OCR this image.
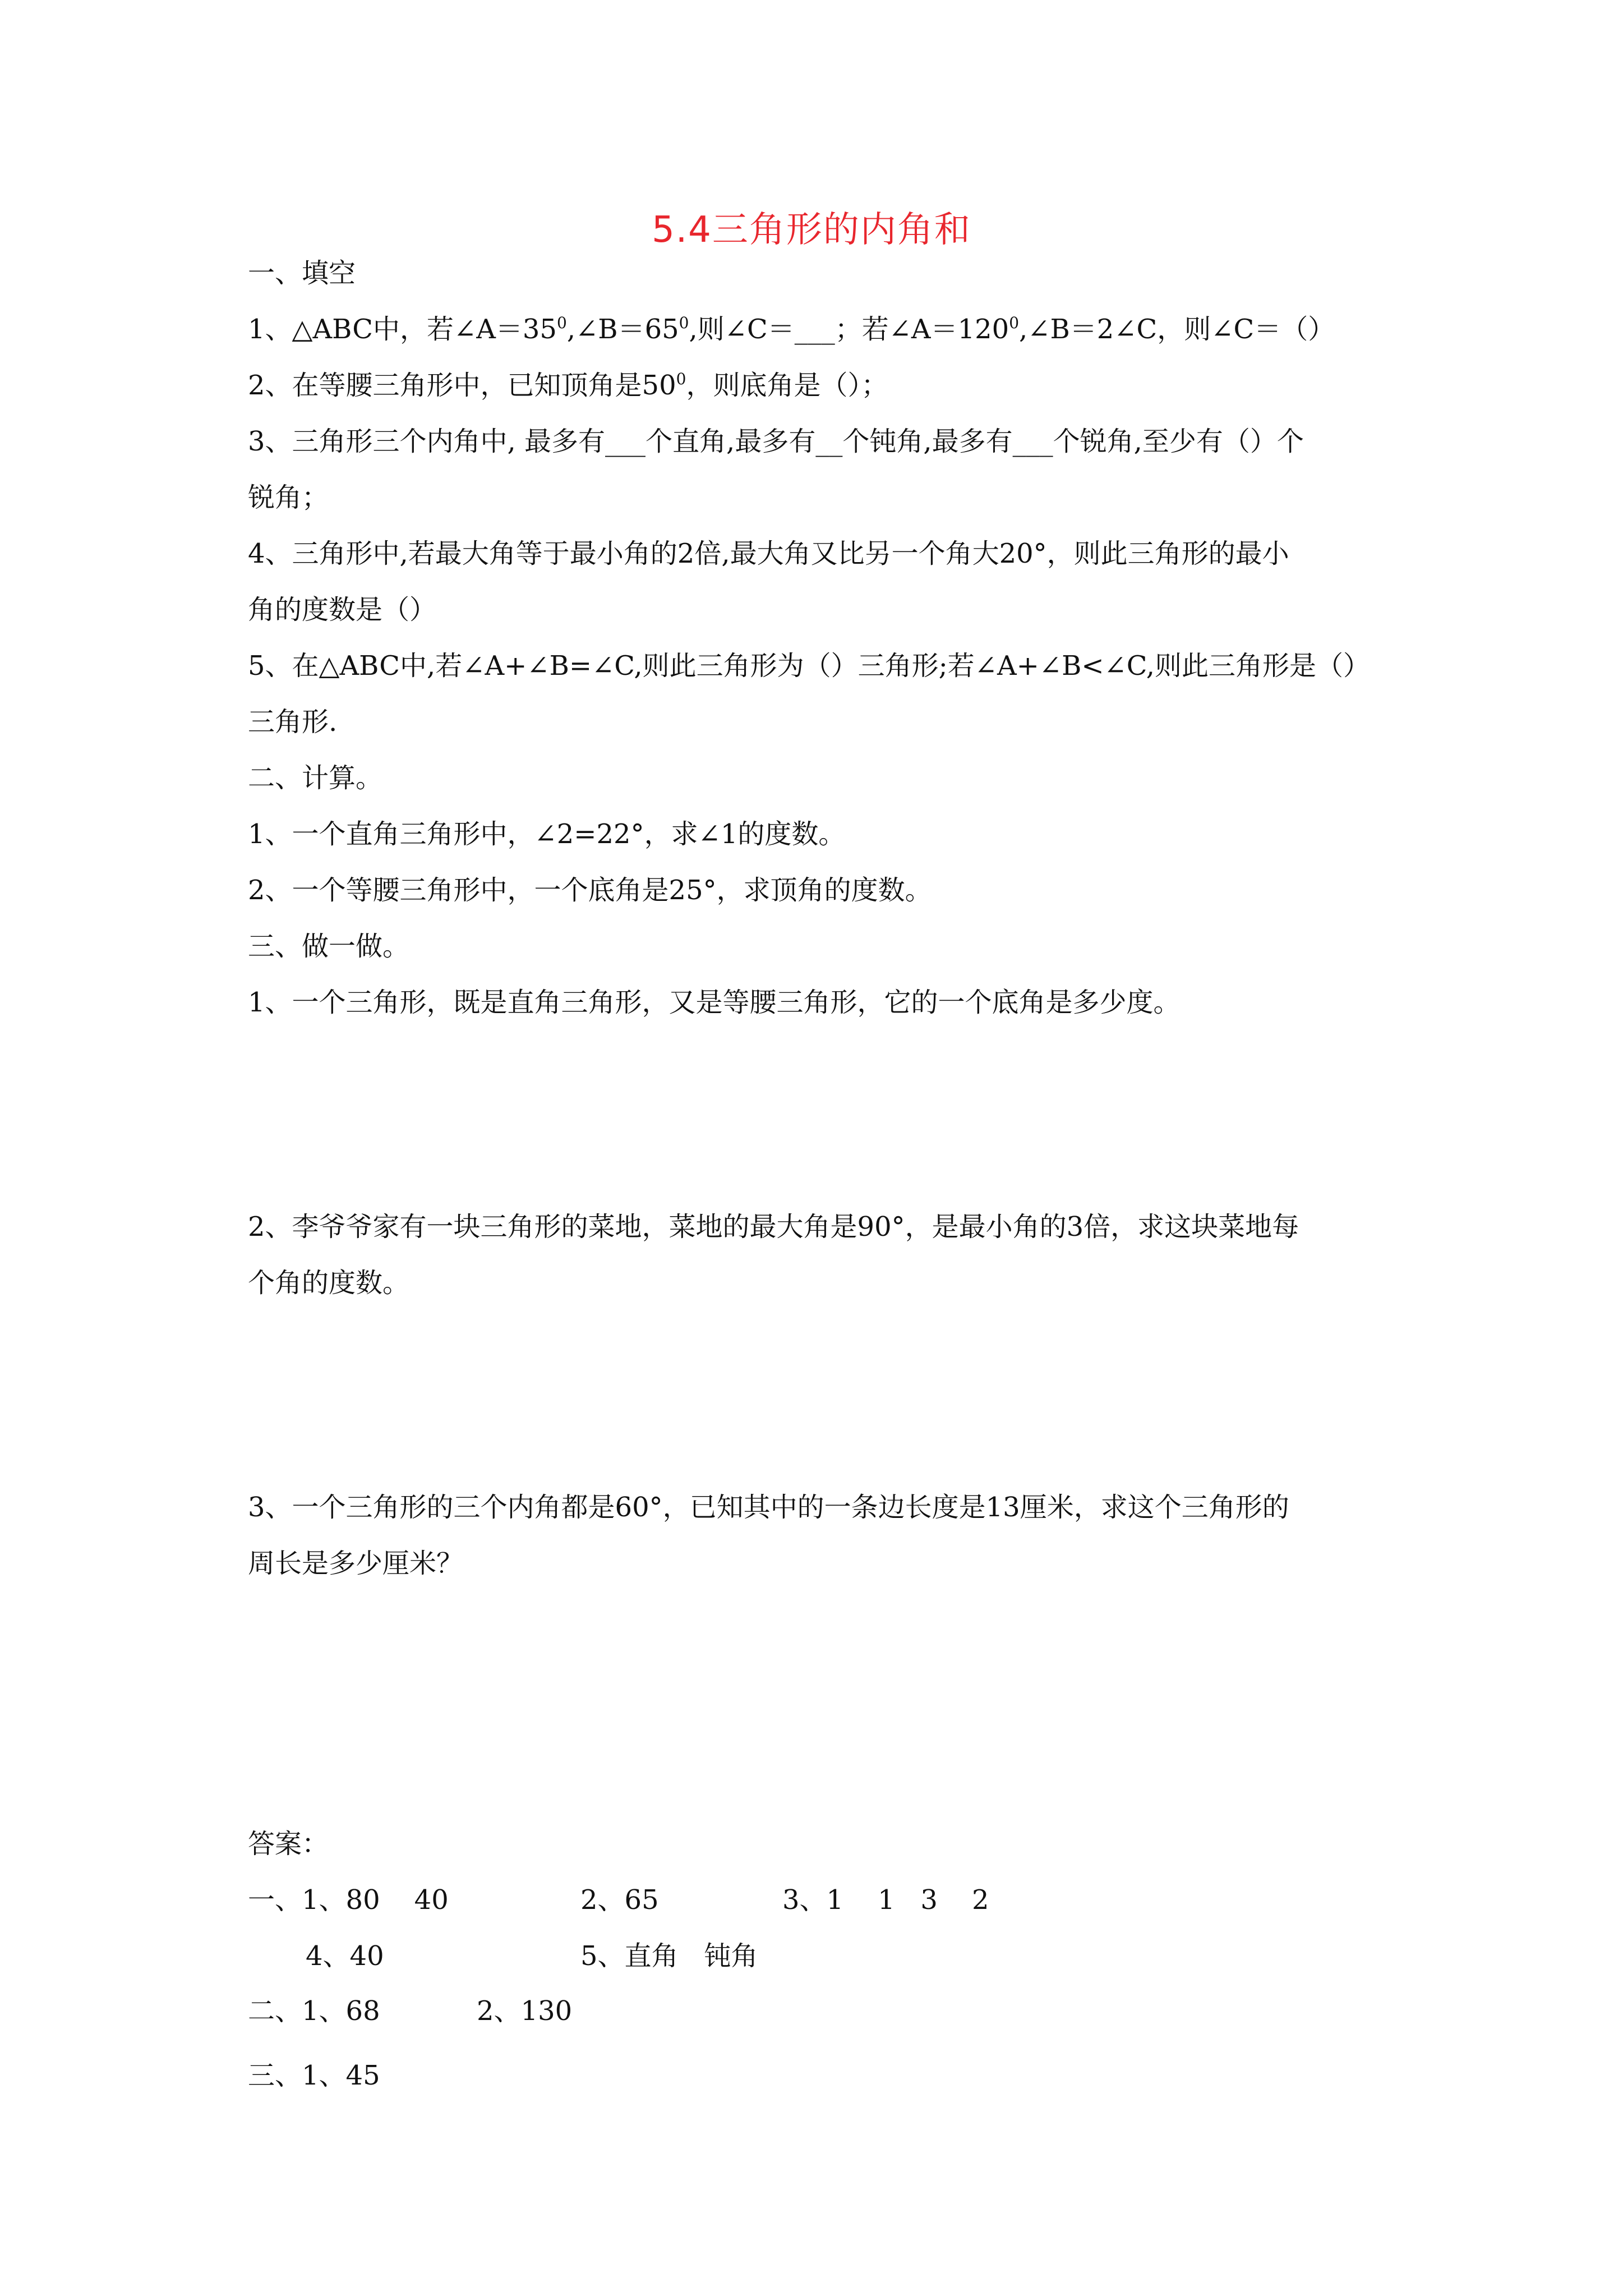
5.4三角形的内角和
一、填空
1、△ABC中，若$\angle A=35^0,\angle B=65^0$,则∠C＝___；若$\angle A=120^0,\angle B=2\angle C$，则∠C＝（）
2、在等腰三角形中，已知顶角是$50^0$，则底角是（）；
3、三角形三个内角中, 最多有___个直角,最多有__个钝角,最多有___个锐角,至少有（）个
锐角；
4、三角形中,若最大角等于最小角的2倍,最大角又比另一个角大20°，则此三角形的最小
角的度数是（）
5、在△ABC中,若∠A+∠B=∠C,则此三角形为（）三角形;若∠A+∠B<∠C,则此三角形是（）
三角形.
二、计算。
1、一个直角三角形中，∠2=22°，求∠1的度数。
2、一个等腰三角形中，一个底角是25°，求顶角的度数。
三、做一做。
1、一个三角形，既是直角三角形，又是等腰三角形，它的一个底角是多少度。
2、李爷爷家有一块三角形的菜地，菜地的最大角是90°，是最小角的3倍，求这块菜地每
个角的度数。
3、一个三角形的三个内角都是60°，已知其中的一条边长度是13厘米，求这个三角形的
周长是多少厘米？
答案：
一、1、80    40	2、65	3、1    1   3    2
4、40	5、直角   钝角
二、1、68	2、130
三、1、45
